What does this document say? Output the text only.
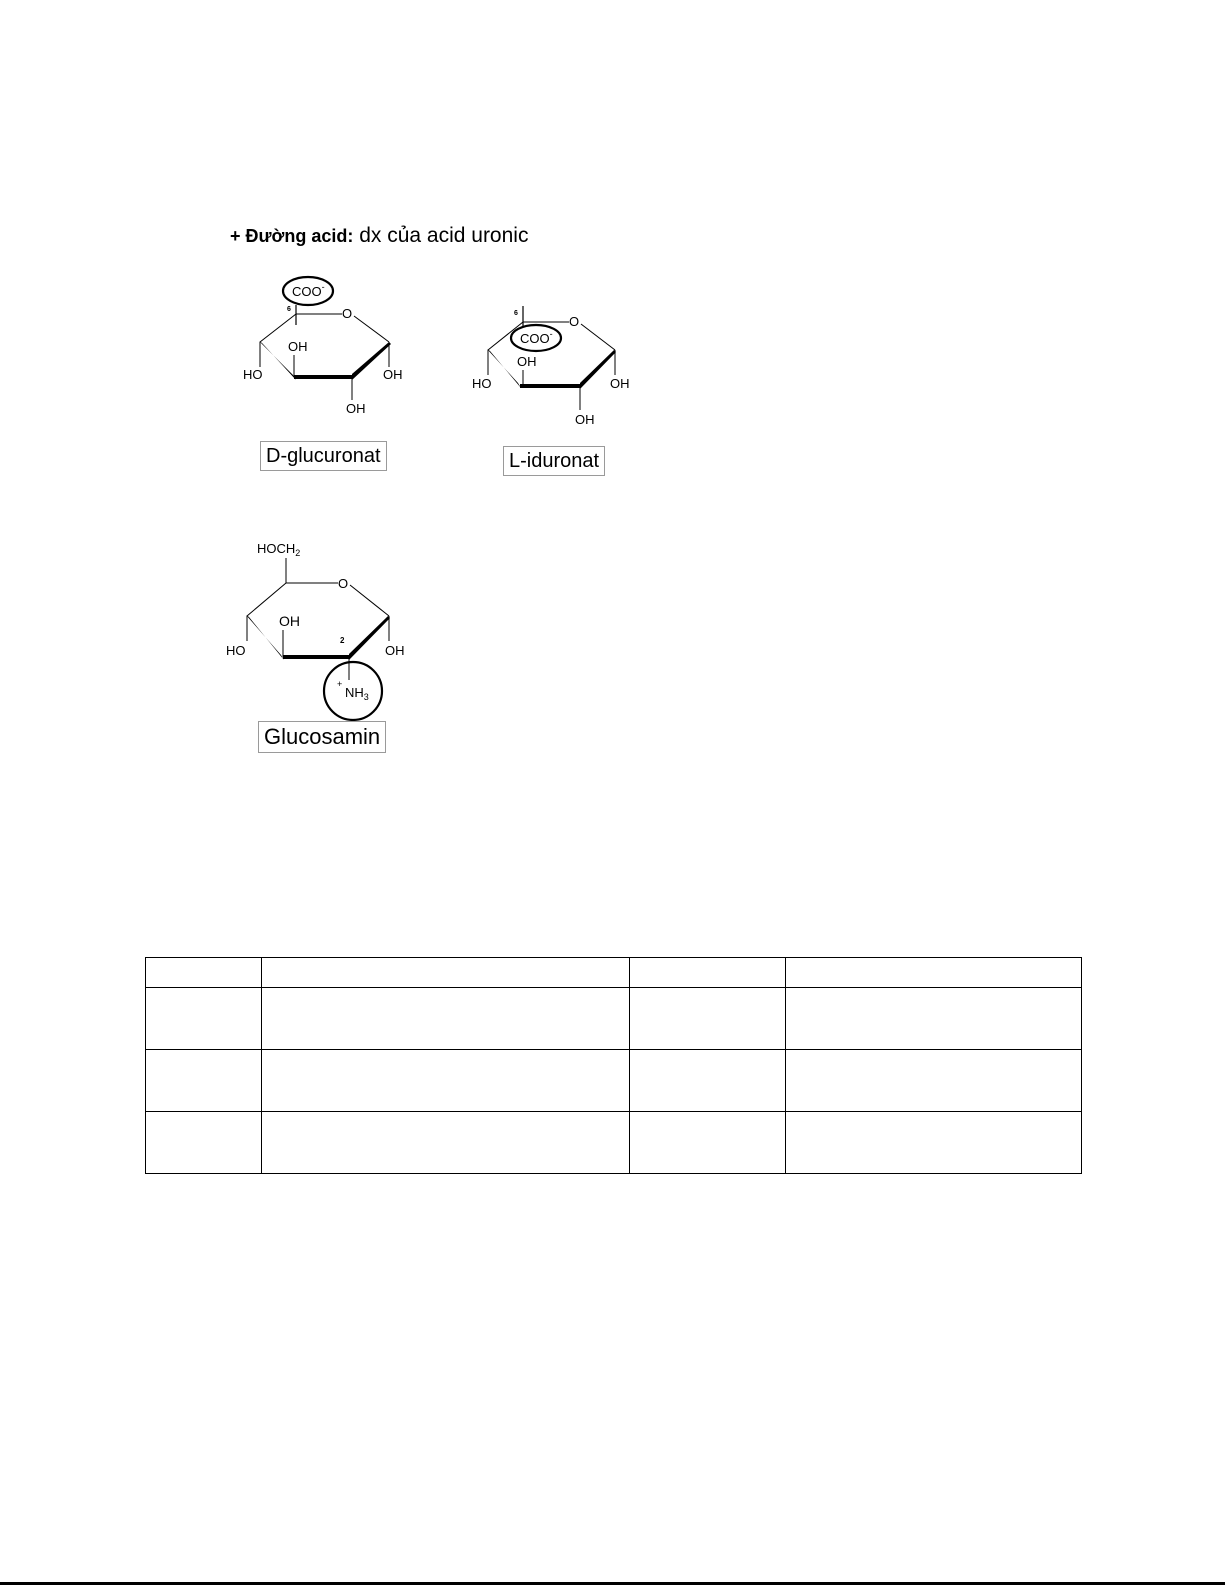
+ Đường acid: dx của acid uronic
COO-
6	O
HO
OH
OH
OH
6
O
COO-
HO
OH
OH
OH
$HOCH_2$
O
HO
OH
OH
2
+
$NH_3$
D-glucuronat	L-iduronat
Glucosamin
